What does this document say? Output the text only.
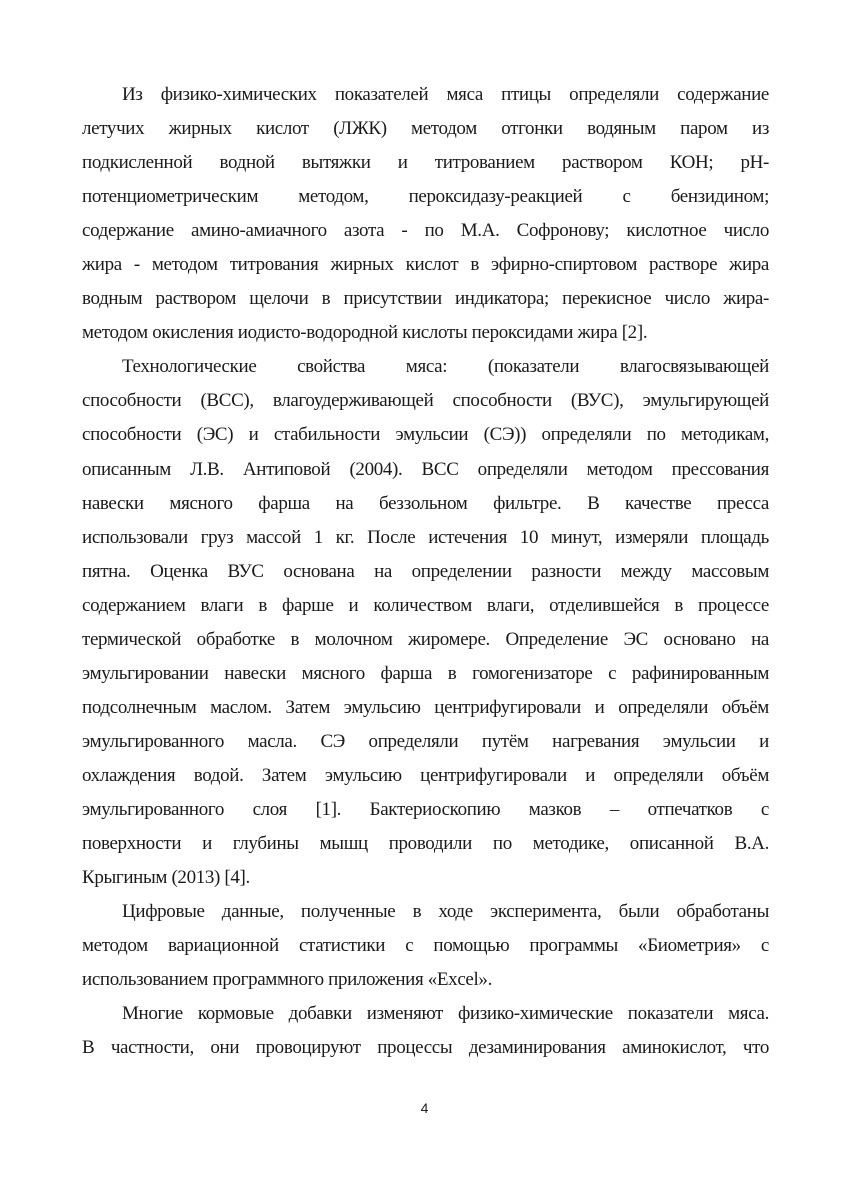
Из физико-химических показателей мяса птицы определяли содержание
летучих жирных кислот (ЛЖК) методом отгонки водяным паром из
подкисленной водной вытяжки и титрованием раствором КОН; рН-
потенциометрическим методом, пероксидазу-реакцией с бензидином;
содержание амино-амиачного азота - по М.А. Софронову; кислотное число
жира - методом титрования жирных кислот в эфирно-спиртовом растворе жира
водным раствором щелочи в присутствии индикатора; перекисное число жира-
методом окисления иодисто-водородной кислоты пероксидами жира [2].
Технологические свойства мяса: (показатели влагосвязывающей
способности (ВСС), влагоудерживающей способности (ВУС), эмульгирующей
способности (ЭС) и стабильности эмульсии (СЭ)) определяли по методикам,
описанным Л.В. Антиповой (2004). ВСС определяли методом прессования
навески мясного фарша на беззольном фильтре. В качестве пресса
использовали груз массой 1 кг. После истечения 10 минут, измеряли площадь
пятна. Оценка ВУС основана на определении разности между массовым
содержанием влаги в фарше и количеством влаги, отделившейся в процессе
термической обработке в молочном жиромере. Определение ЭС основано на
эмульгировании навески мясного фарша в гомогенизаторе с рафинированным
подсолнечным маслом. Затем эмульсию центрифугировали и определяли объём
эмульгированного масла. СЭ определяли путём нагревания эмульсии и
охлаждения водой. Затем эмульсию центрифугировали и определяли объём
эмульгированного слоя [1]. Бактериоскопию мазков – отпечатков с
поверхности и глубины мышц проводили по методике, описанной В.А.
Крыгиным (2013) [4].
Цифровые данные, полученные в ходе эксперимента, были обработаны
методом вариационной статистики с помощью программы «Биометрия» с
использованием программного приложения «Excel».
Многие кормовые добавки изменяют физико-химические показатели мяса.
В частности, они провоцируют процессы дезаминирования аминокислот, что
4
